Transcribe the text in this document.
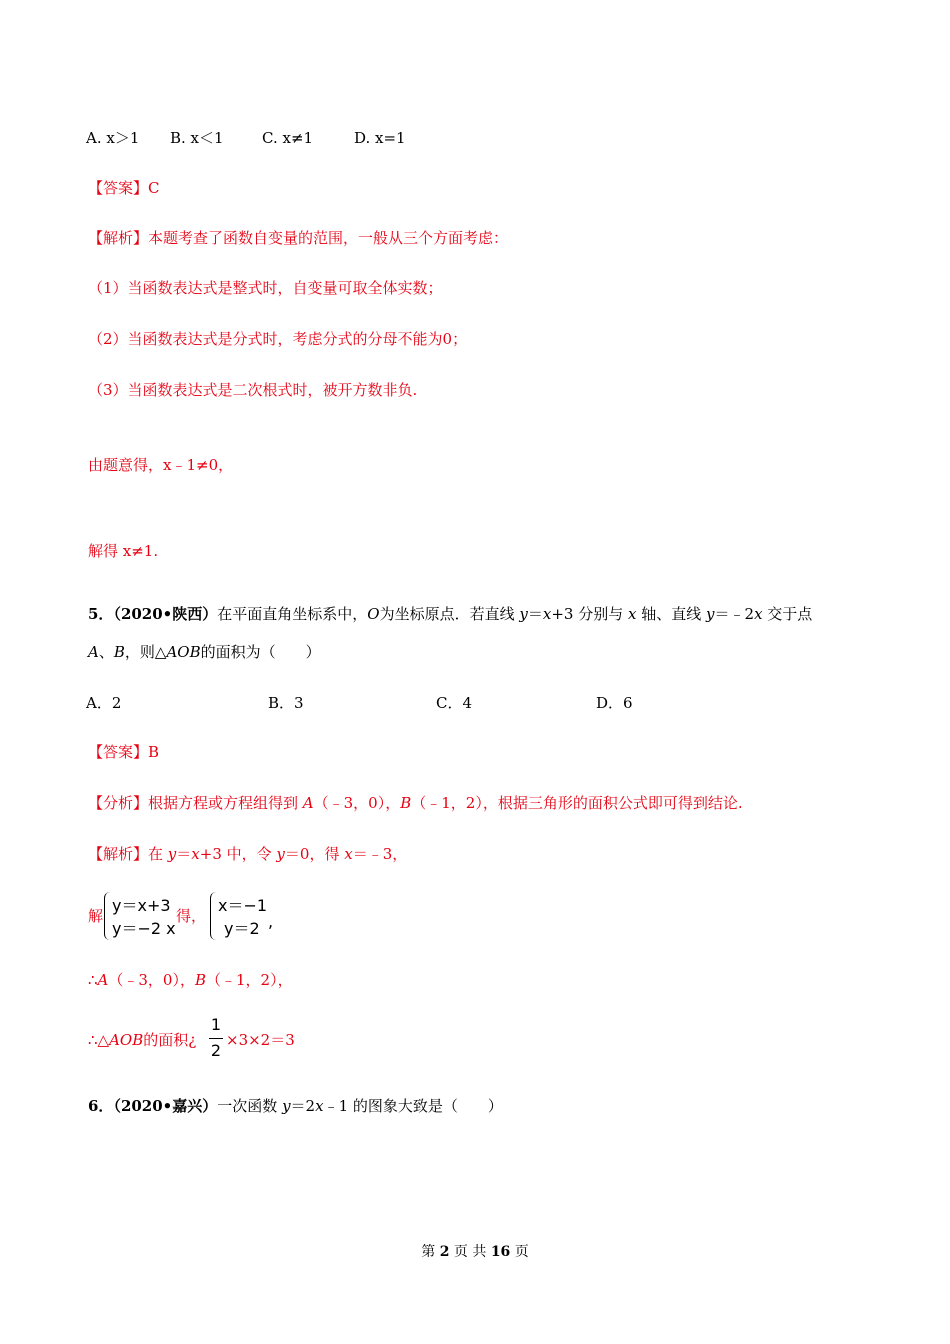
A. x＞1 B. x＜1	C. x≠1	D. x=1
【答案】C
【解析】本题考查了函数自变量的范围，一般从三个方面考虑：
（1）当函数表达式是整式时，自变量可取全体实数；
（2）当函数表达式是分式时，考虑分式的分母不能为0；
（3）当函数表达式是二次根式时，被开方数非负.
由题意得，x﹣1≠0，
解得 x≠1.
5．（2020•陕西）在平面直角坐标系中，O为坐标原点．若直线 y＝x+3 分别与 x 轴、直线 y＝﹣2x 交于点
A、B，则△AOB的面积为（　　）
A．2	B．3	C．4	D．6
【答案】B
【分析】根据方程或方程组得到 A（﹣3，0），B（﹣1，2），根据三角形的面积公式即可得到结论.
【解析】在 y＝x+3 中，令 y＝0，得 x＝﹣3，
解
y＝x+3
y＝−2 x
得，
x＝−1
y＝2 ,
∴A（﹣3，0），B（﹣1，2），
∴△AOB的面积¿
1
2
×3×2＝3
6．（2020•嘉兴）一次函数 y＝2x﹣1 的图象大致是（　　）
第 2 页 共 16 页
